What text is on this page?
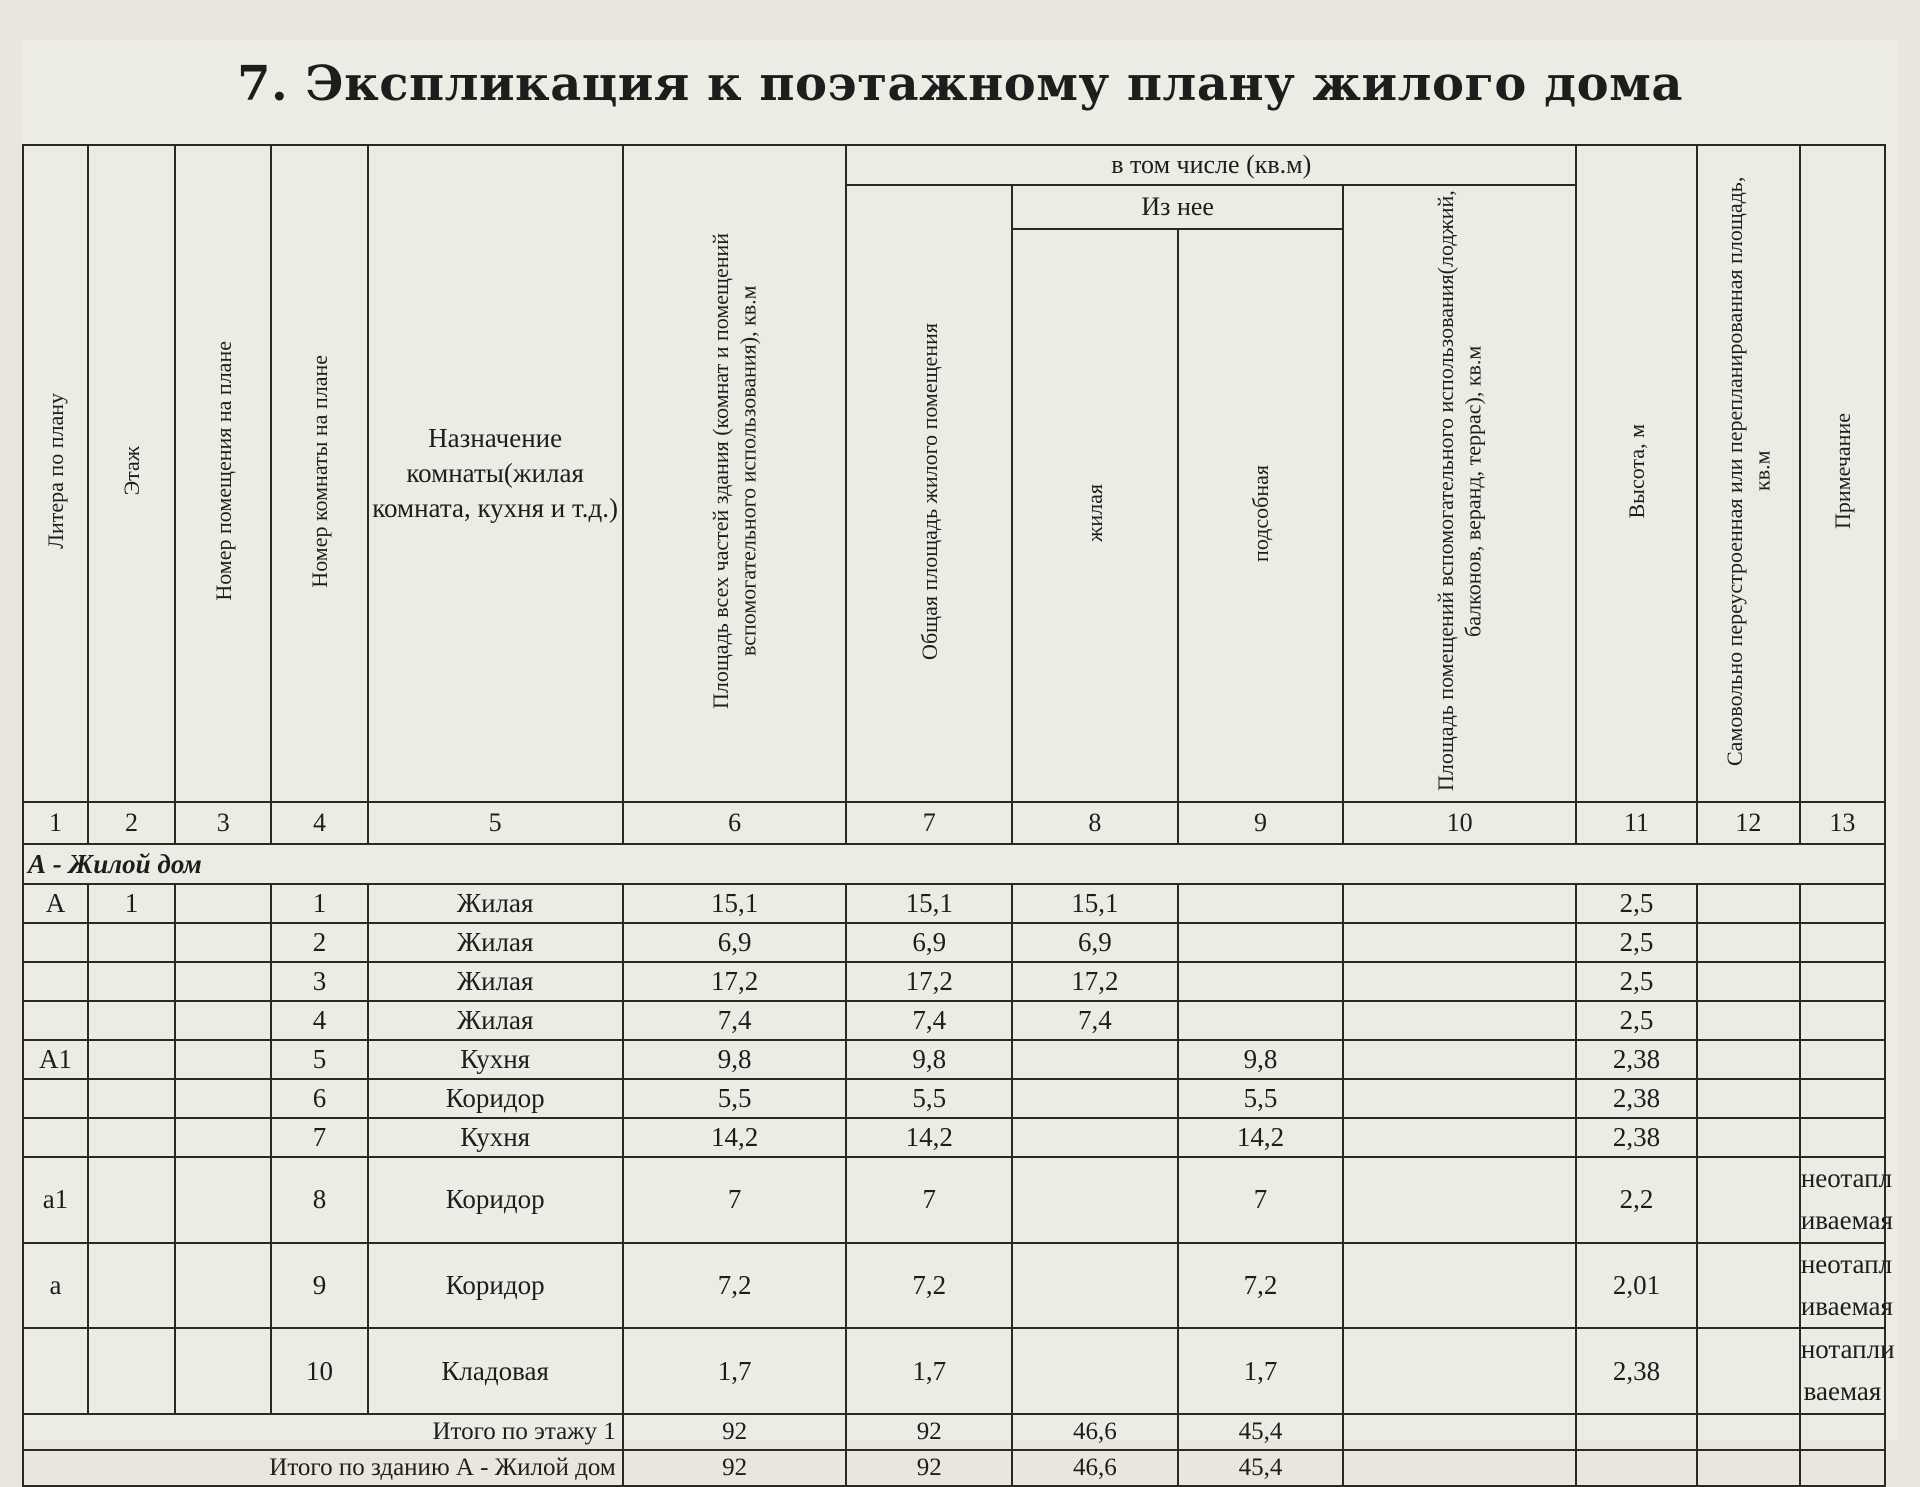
7. Экспликация к поэтажному плану жилого дома
Литера по плану	Этаж	Номер помещения на плане	Номер комнаты на плане	Назначение комнаты(жилая комната, кухня и т.д.)	Площадь всех частей здания (комнат и помещений вспомогательного использования), кв.м	в том числе (кв.м)				Высота, м	Самовольно переустроенная или перепланированная площадь, кв.м	Примечание
						Общая площадь жилого помещения	Из нее		Площадь помещений вспомогательного использования(лоджий, балконов, веранд, террас), кв.м			
							жилая	подсобная				
1	2	3	4	5	6	7	8	9	10	11	12	13
А - Жилой дом												
А	1		1	Жилая	15,1	15,1	15,1			2,5		
			2	Жилая	6,9	6,9	6,9			2,5		
			3	Жилая	17,2	17,2	17,2			2,5		
			4	Жилая	7,4	7,4	7,4			2,5		
А1			5	Кухня	9,8	9,8		9,8		2,38		
			6	Коридор	5,5	5,5		5,5		2,38		
			7	Кухня	14,2	14,2		14,2		2,38		
а1			8	Коридор	7	7		7		2,2		неотапл иваемая
а			9	Коридор	7,2	7,2		7,2		2,01		неотапл иваемая
			10	Кладовая	1,7	1,7		1,7		2,38		нотапли ваемая
Итого по этажу 1					92	92	46,6	45,4				
Итого по зданию А - Жилой дом					92	92	46,6	45,4				
